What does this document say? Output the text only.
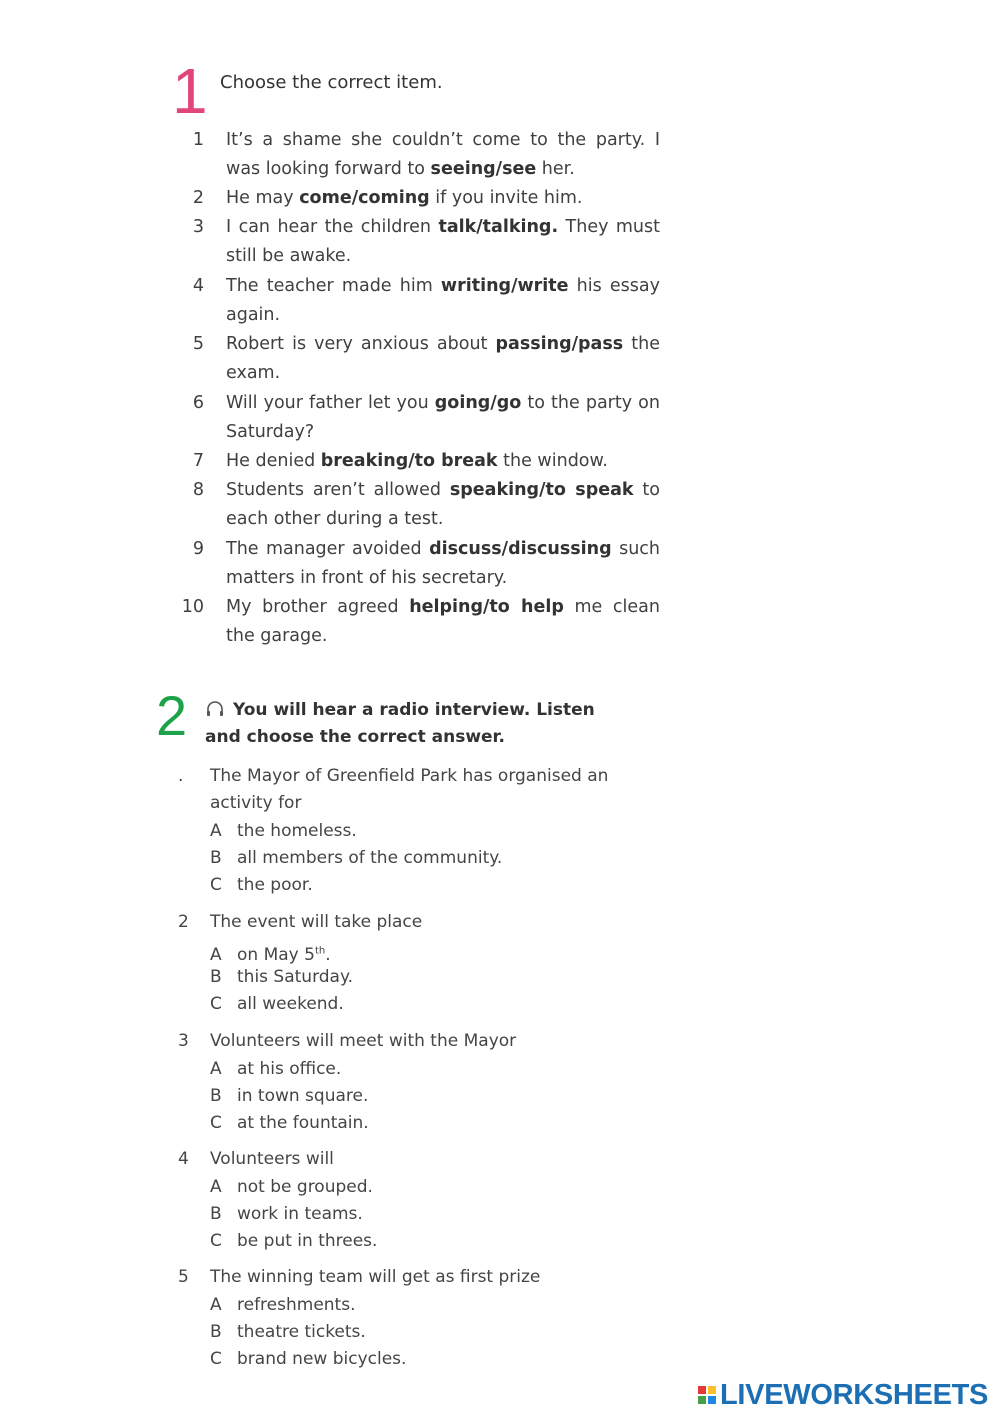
1 Choose the correct item.
1 It’s a shame she couldn’t come to the party. I was looking forward to seeing/see her.
2 He may come/coming if you invite him.
3 I can hear the children talk/talking. They must still be awake.
4 The teacher made him writing/write his essay again.
5 Robert is very anxious about passing/pass the exam.
6 Will your father let you going/go to the party on Saturday?
7 He denied breaking/to break the window.
8 Students aren’t allowed speaking/to speak to each other during a test.
9 The manager avoided discuss/discussing such matters in front of his secretary.
10 My brother agreed helping/to help me clean the garage.
2	You will hear a radio interview. Listen and choose the correct answer.
.	The Mayor of Greenfield Park has organised an activity for
A the homeless.
B all members of the community.
C the poor.
2 The event will take place
A on May 5th.
B this Saturday.
C all weekend.
3 Volunteers will meet with the Mayor
A at his office.
B in town square.
C at the fountain.
4 Volunteers will
A not be grouped.
B work in teams.
C be put in threes.
5 The winning team will get as first prize
A refreshments.
B theatre tickets.
C brand new bicycles.
LIVEWORKSHEETS
